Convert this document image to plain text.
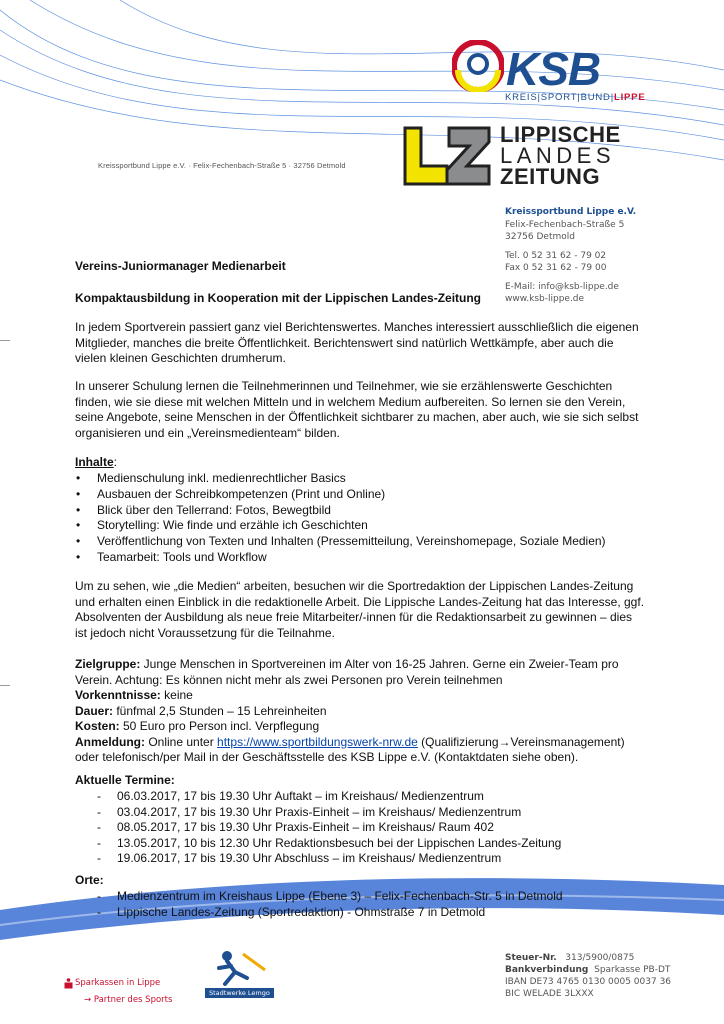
KSB
KREIS|SPORT|BUND|LIPPE
LIPPISCHE
LANDES
ZEITUNG
Kreissportbund Lippe e.V. · Felix-Fechenbach-Straße 5 · 32756 Detmold
Kreissportbund Lippe e.V.
Felix-Fechenbach-Straße 5
32756 Detmold
Tel. 0 52 31 62 - 79 02
Fax 0 52 31 62 - 79 00
E-Mail: info@ksb-lippe.de
www.ksb-lippe.de
Vereins-Juniormanager Medienarbeit
Kompaktausbildung in Kooperation mit der Lippischen Landes-Zeitung
In jedem Sportverein passiert ganz viel Berichtenswertes. Manches interessiert ausschließlich die eigenen Mitglieder, manches die breite Öffentlichkeit. Berichtenswert sind natürlich Wettkämpfe, aber auch die vielen kleinen Geschichten drumherum.
In unserer Schulung lernen die Teilnehmerinnen und Teilnehmer, wie sie erzählenswerte Geschichten finden, wie sie diese mit welchen Mitteln und in welchem Medium aufbereiten. So lernen sie den Verein, seine Angebote, seine Menschen in der Öffentlichkeit sichtbarer zu machen, aber auch, wie sie sich selbst organisieren und ein „Vereinsmedienteam“ bilden.
Inhalte:
• Medienschulung inkl. medienrechtlicher Basics
• Ausbauen der Schreibkompetenzen (Print und Online)
• Blick über den Tellerrand: Fotos, Bewegtbild
• Storytelling: Wie finde und erzähle ich Geschichten
• Veröffentlichung von Texten und Inhalten (Pressemitteilung, Vereinshomepage, Soziale Medien)
• Teamarbeit: Tools und Workflow
Um zu sehen, wie „die Medien“ arbeiten, besuchen wir die Sportredaktion der Lippischen Landes-Zeitung und erhalten einen Einblick in die redaktionelle Arbeit. Die Lippische Landes-Zeitung hat das Interesse, ggf. Absolventen der Ausbildung als neue freie Mitarbeiter/-innen für die Redaktionsarbeit zu gewinnen – dies ist jedoch nicht Voraussetzung für die Teilnahme.
Zielgruppe: Junge Menschen in Sportvereinen im Alter von 16-25 Jahren. Gerne ein Zweier-Team pro Verein. Achtung: Es können nicht mehr als zwei Personen pro Verein teilnehmen
Vorkenntnisse: keine
Dauer: fünfmal 2,5 Stunden – 15 Lehreinheiten
Kosten: 50 Euro pro Person incl. Verpflegung
Anmeldung: Online unter https://www.sportbildungswerk-nrw.de (Qualifizierung→Vereinsmanagement) oder telefonisch/per Mail in der Geschäftsstelle des KSB Lippe e.V. (Kontaktdaten siehe oben).
Aktuelle Termine:
- 06.03.2017, 17 bis 19.30 Uhr Auftakt – im Kreishaus/ Medienzentrum
- 03.04.2017, 17 bis 19.30 Uhr Praxis-Einheit – im Kreishaus/ Medienzentrum
- 08.05.2017, 17 bis 19.30 Uhr Praxis-Einheit – im Kreishaus/ Raum 402
- 13.05.2017, 10 bis 12.30 Uhr Redaktionsbesuch bei der Lippischen Landes-Zeitung
- 19.06.2017, 17 bis 19.30 Uhr Abschluss – im Kreishaus/ Medienzentrum
Orte:
- Medienzentrum im Kreishaus Lippe (Ebene 3) – Felix-Fechenbach-Str. 5 in Detmold
- Lippische Landes-Zeitung (Sportredaktion) - Ohmstraße 7 in Detmold
Steuer-Nr. 313/5900/0875
Bankverbindung Sparkasse PB-DT
IBAN DE73 4765 0130 0005 0037 36
BIC WELADE 3LXXX
Sparkassen in Lippe
→ Partner des Sports
Stadtwerke Lemgo
